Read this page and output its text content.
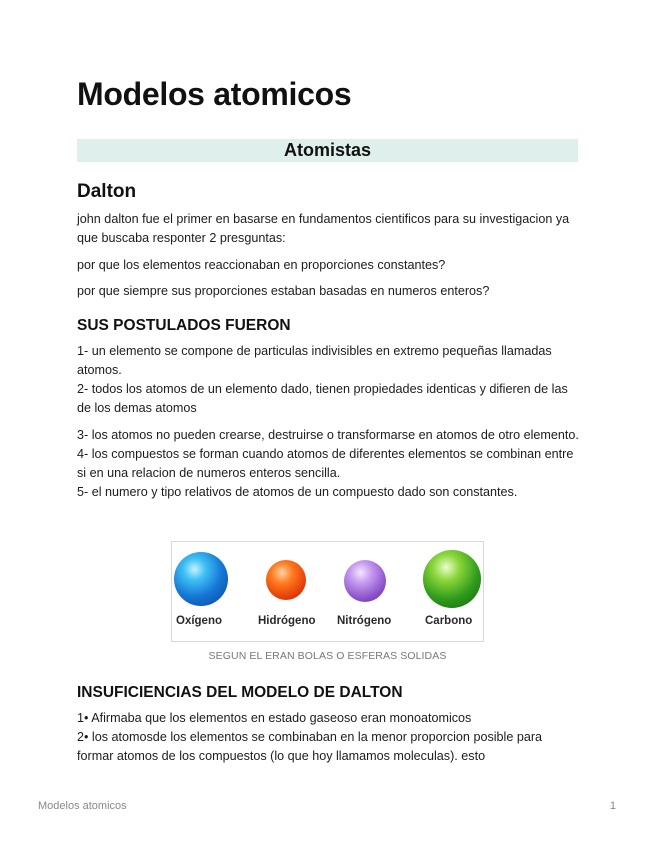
Modelos atomicos
Atomistas
Dalton

john dalton fue el primer en basarse en fundamentos cientificos para su investigacion ya que buscaba responter 2 presguntas:

por que los elementos reaccionaban en proporciones constantes?

por que siempre sus proporciones estaban basadas en numeros enteros?

SUS POSTULADOS FUERON

1- un elemento se compone de particulas indivisibles en extremo pequeñas llamadas atomos.
2- todos los atomos de un elemento dado, tienen propiedades identicas y difieren de las de los demas atomos

3- los atomos no pueden crearse, destruirse o transformarse en atomos de otro elemento.
4- los compuestos se forman cuando atomos de diferentes elementos se combinan entre si en una relacion de numeros enteros sencilla.
5- el numero y tipo relativos de atomos de un compuesto dado son constantes.

Oxígeno	Hidrógeno Nitrógeno	Carbono

SEGUN EL ERAN BOLAS O ESFERAS SOLIDAS

INSUFICIENCIAS DEL MODELO DE DALTON

1• Afirmaba que los elementos en estado gaseoso eran monoatomicos
2• los atomosde los elementos se combinaban en la menor proporcion posible para formar atomos de los compuestos (lo que hoy llamamos moleculas). esto

Modelos atomicos	1
